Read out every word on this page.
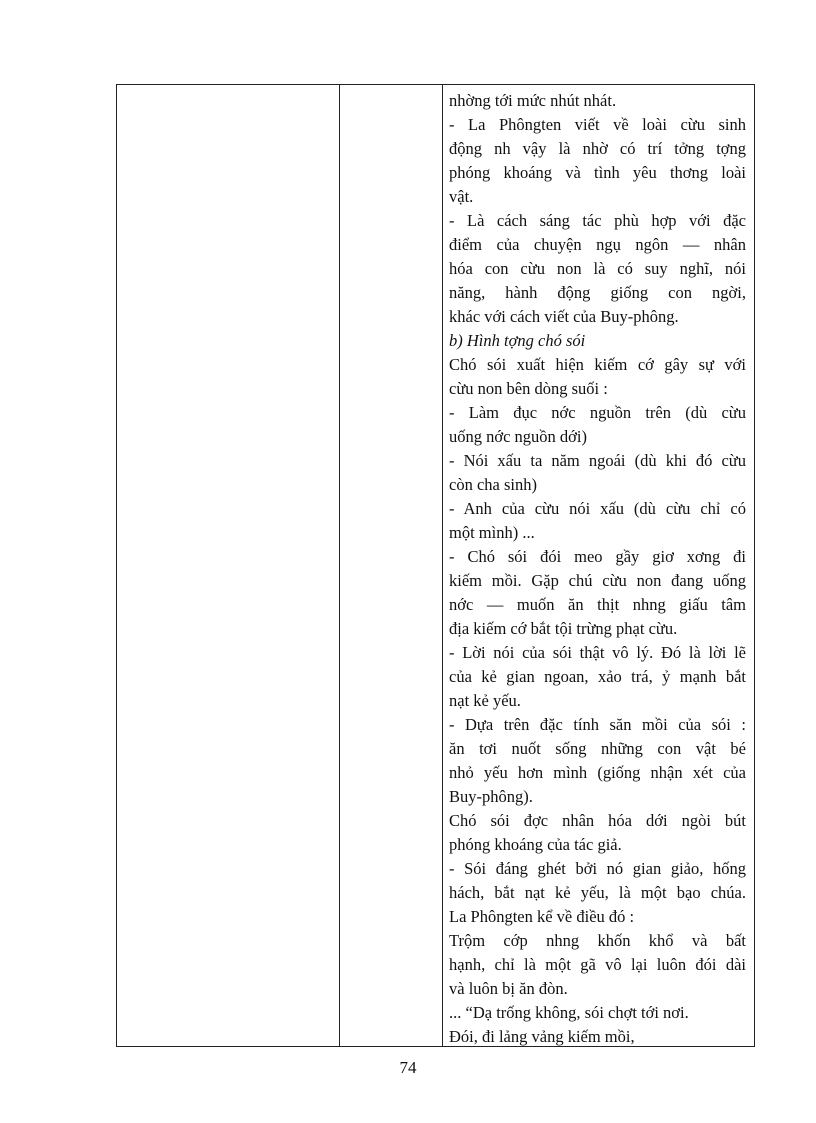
nhờng tới mức nhút nhát.
- La Phôngten viết về loài cừu sinh
động nh vậy là nhờ có trí tởng tợng
phóng khoáng và tình yêu thơng loài
vật.
- Là cách sáng tác phù hợp với đặc
điểm của chuyện ngụ ngôn — nhân
hóa con cừu non là có suy nghĩ, nói
năng, hành động giống con ngời,
khác với cách viết của Buy-phông.
b) Hình tợng chó sói
Chó sói xuất hiện kiếm cớ gây sự với
cừu non bên dòng suối :
- Làm đục nớc nguồn trên (dù cừu
uống nớc nguồn dới)
- Nói xấu ta năm ngoái (dù khi đó cừu
còn cha sinh)
- Anh của cừu nói xấu (dù cừu chỉ có
một mình) ...
- Chó sói đói meo gầy giơ xơng đi
kiếm mồi. Gặp chú cừu non đang uống
nớc — muốn ăn thịt nhng giấu tâm
địa kiếm cớ bắt tội trừng phạt cừu.
- Lời nói của sói thật vô lý. Đó là lời lẽ
của kẻ gian ngoan, xảo trá, ỷ mạnh bắt
nạt kẻ yếu.
- Dựa trên đặc tính săn mồi của sói :
ăn tơi nuốt sống những con vật bé
nhỏ yếu hơn mình (giống nhận xét của
Buy-phông).
Chó sói đợc nhân hóa dới ngòi bút
phóng khoáng của tác giả.
- Sói đáng ghét bởi nó gian giảo, hống
hách, bắt nạt kẻ yếu, là một bạo chúa.
La Phôngten kể về điều đó :
Trộm cớp nhng khốn khổ và bất
hạnh, chỉ là một gã vô lại luôn đói dài
và luôn bị ăn đòn.
... “Dạ trống không, sói chợt tới nơi.
Đói, đi lảng vảng kiếm mồi,
74
